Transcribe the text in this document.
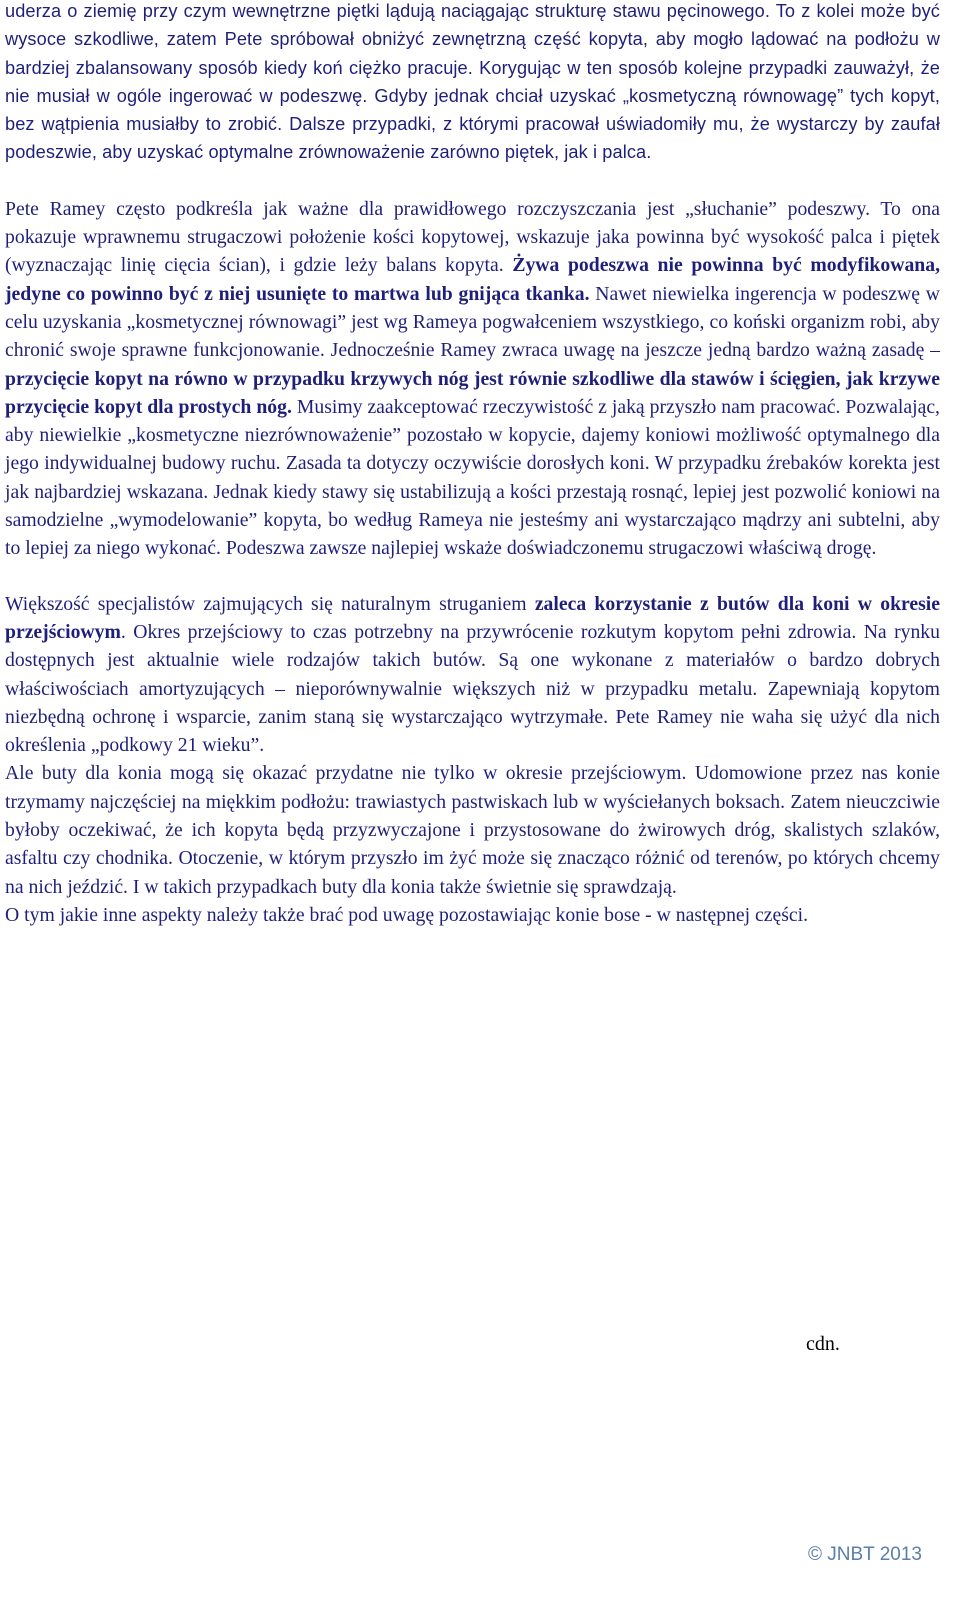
uderza o ziemię przy czym wewnętrzne piętki lądują naciągając strukturę stawu pęcinowego. To z kolei może być wysoce szkodliwe, zatem Pete spróbował obniżyć zewnętrzną część kopyta, aby mogło lądować na podłożu w bardziej zbalansowany sposób kiedy koń ciężko pracuje. Korygując w ten sposób kolejne przypadki zauważył, że nie musiał w ogóle ingerować w podeszwę. Gdyby jednak chciał uzyskać „kosmetyczną równowagę” tych kopyt, bez wątpienia musiałby to zrobić. Dalsze przypadki, z którymi pracował uświadomiły mu, że wystarczy by zaufał podeszwie, aby uzyskać optymalne zrównoważenie zarówno piętek, jak i palca.

Pete Ramey często podkreśla jak ważne dla prawidłowego rozczyszczania jest „słuchanie” podeszwy. To ona pokazuje wprawnemu strugaczowi położenie kości kopytowej, wskazuje jaka powinna być wysokość palca i piętek (wyznaczając linię cięcia ścian), i gdzie leży balans kopyta. Żywa podeszwa nie powinna być modyfikowana, jedyne co powinno być z niej usunięte to martwa lub gnijąca tkanka. Nawet niewielka ingerencja w podeszwę w celu uzyskania „kosmetycznej równowagi” jest wg Rameya pogwałceniem wszystkiego, co koński organizm robi, aby chronić swoje sprawne funkcjonowanie. Jednocześnie Ramey zwraca uwagę na jeszcze jedną bardzo ważną zasadę – przycięcie kopyt na równo w przypadku krzywych nóg jest równie szkodliwe dla stawów i ścięgien, jak krzywe przycięcie kopyt dla prostych nóg. Musimy zaakceptować rzeczywistość z jaką przyszło nam pracować. Pozwalając, aby niewielkie „kosmetyczne niezrównoważenie” pozostało w kopycie, dajemy koniowi możliwość optymalnego dla jego indywidualnej budowy ruchu. Zasada ta dotyczy oczywiście dorosłych koni. W przypadku źrebaków korekta jest jak najbardziej wskazana. Jednak kiedy stawy się ustabilizują a kości przestają rosnąć, lepiej jest pozwolić koniowi na samodzielne „wymodelowanie” kopyta, bo według Rameya nie jesteśmy ani wystarczająco mądrzy ani subtelni, aby to lepiej za niego wykonać. Podeszwa zawsze najlepiej wskaże doświadczonemu strugaczowi właściwą drogę.

Większość specjalistów zajmujących się naturalnym struganiem zaleca korzystanie z butów dla koni w okresie przejściowym. Okres przejściowy to czas potrzebny na przywrócenie rozkutym kopytom pełni zdrowia. Na rynku dostępnych jest aktualnie wiele rodzajów takich butów. Są one wykonane z materiałów o bardzo dobrych właściwościach amortyzujących – nieporównywalnie większych niż w przypadku metalu. Zapewniają kopytom niezbędną ochronę i wsparcie, zanim staną się wystarczająco wytrzymałe. Pete Ramey nie waha się użyć dla nich określenia „podkowy 21 wieku”.

Ale buty dla konia mogą się okazać przydatne nie tylko w okresie przejściowym. Udomowione przez nas konie trzymamy najczęściej na miękkim podłożu: trawiastych pastwiskach lub w wyściełanych boksach. Zatem nieuczciwie byłoby oczekiwać, że ich kopyta będą przyzwyczajone i przystosowane do żwirowych dróg, skalistych szlaków, asfaltu czy chodnika. Otoczenie, w którym przyszło im żyć może się znacząco różnić od terenów, po których chcemy na nich jeździć. I w takich przypadkach buty dla konia także świetnie się sprawdzają.

O tym jakie inne aspekty należy także brać pod uwagę pozostawiając konie bose - w następnej części.

cdn.
© JNBT 2013
